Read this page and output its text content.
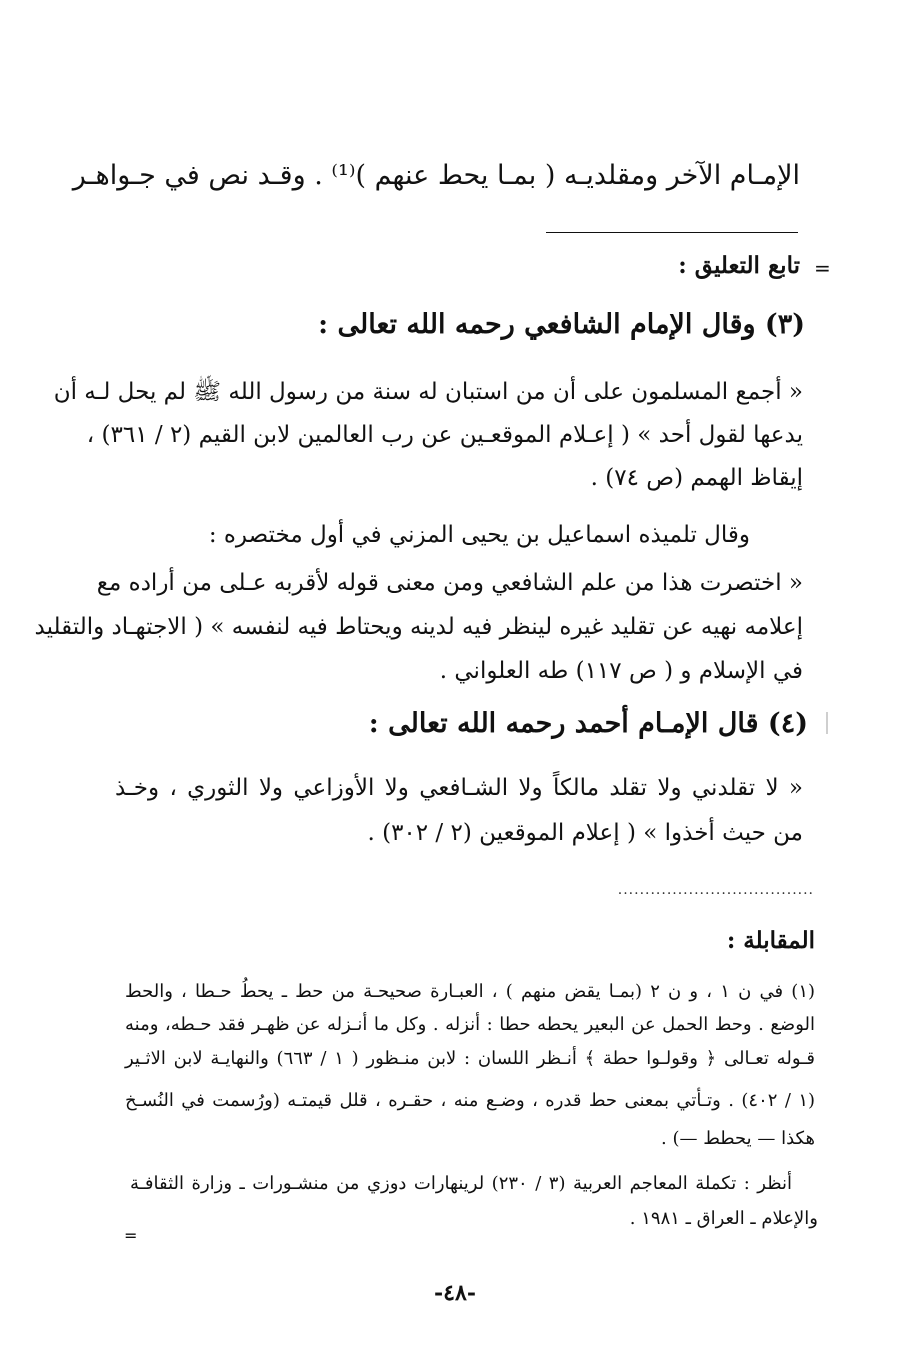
الإمـام الآخر ومقلديـه ( بمـا يحط عنهم )⁽¹⁾ . وقـد نص في جـواهـر
=
تابع التعليق :
(٣) وقال الإمام الشافعي رحمه الله تعالى :
« أجمع المسلمون على أن من استبان له سنة من رسول الله ﷺ لم يحل لـه أن
يدعها لقول أحد » ( إعـلام الموقعـين عن رب العالمين لابن القيم (٢ / ٣٦١) ،
إيقاظ الهمم (ص ٧٤) .
وقال تلميذه اسماعيل بن يحيى المزني في أول مختصره :
« اختصرت هذا من علم الشافعي ومن معنى قوله لأقربه عـلى من أراده مع
إعلامه نهيه عن تقليد غيره لينظر فيه لدينه ويحتاط فيه لنفسه » ( الاجتهـاد والتقليد
في الإسلام و ( ص ١١٧) طه العلواني .
(٤) قال الإمـام أحمد رحمه الله تعالى :
« لا تقلدني ولا تقلد مالكاً ولا الشـافعي ولا الأوزاعي ولا الثوري ، وخـذ
من حيث أخذوا » ( إعلام الموقعين (٢ / ٣٠٢) .
....................................
المقابلة :
(١) في ن ١ ، و ن ٢ (بمـا يقض منهم ) ، العبـارة صحيحـة من حط ـ يحطُ حـطا ، والحط
الوضع . وحط الحمل عن البعير يحطه حطا : أنزله . وكل ما أنـزله عن ظهـر فقد حـطه، ومنه
قـوله تعـالى ﴿ وقولـوا حطة ﴾ أنـظر اللسان : لابن منـظور ( ١ / ٦٦٣) والنهايـة لابن الاثـير
(١ / ٤٠٢) . وتـأتي بمعنى حط قدره ، وضـع منه ، حقـره ، قلل قيمتـه (ورُسمت في النُسـخ
هكذا — يحطط —) .
أنظر : تكملة المعاجم العربية (٣ / ٢٣٠) لرينهارات دوزي من منشـورات ـ وزارة الثقافـة
والإعلام ـ العراق ـ ١٩٨١ .
=
-٤٨-
